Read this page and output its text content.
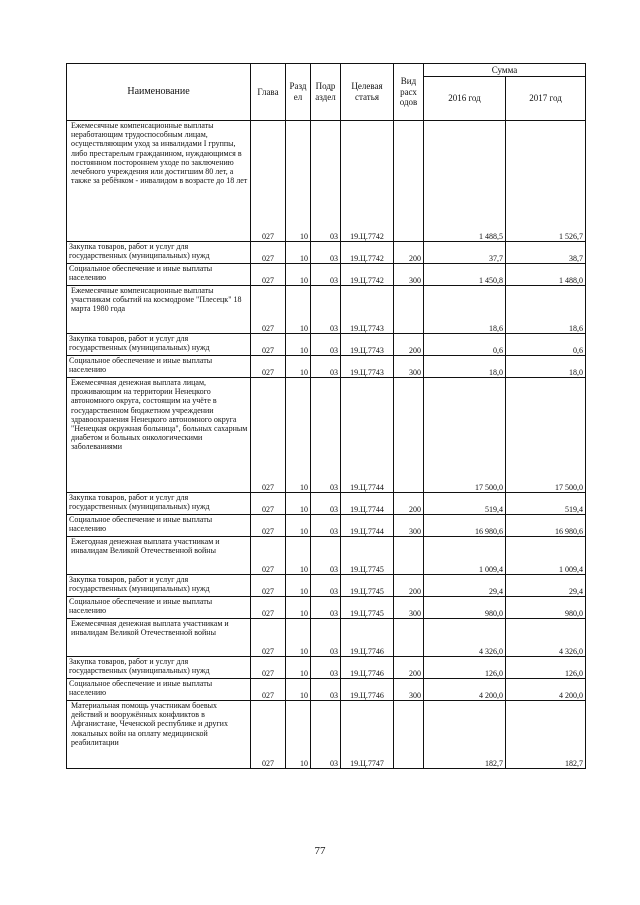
Наименование	Глава	Разд ел	Подр аздел	Целевая статья	Вид расх одов	Сумма	
						2016 год	2017 год
Ежемесячные компенсационные выплаты неработающим трудоспособным лицам, осуществляющим уход за инвалидами I группы, либо престарелым гражданином, нуждающимся в постоянном постороннем уходе по заключению лечебного учреждения или достигшим 80 лет, а также за ребёнком - инвалидом в возрасте до 18 лет	027	10	03	19.Ц.7742		1 488,5	1 526,7
Закупка товаров, работ и услуг для государственных (муниципальных) нужд	027	10	03	19.Ц.7742	200	37,7	38,7
Социальное обеспечение и иные выплаты населению	027	10	03	19.Ц.7742	300	1 450,8	1 488,0
Ежемесячные компенсационные выплаты участникам событий на космодроме "Плесецк" 18 марта 1980 года	027	10	03	19.Ц.7743		18,6	18,6
Закупка товаров, работ и услуг для государственных (муниципальных) нужд	027	10	03	19.Ц.7743	200	0,6	0,6
Социальное обеспечение и иные выплаты населению	027	10	03	19.Ц.7743	300	18,0	18,0
Ежемесячная денежная выплата лицам, проживающим на территории Ненецкого автономного округа, состоящим на учёте в государственном бюджетном учреждении здравоохранения Ненецкого автономного округа "Ненецкая окружная больница", больных сахарным диабетом и больных онкологическими заболеваниями	027	10	03	19.Ц.7744		17 500,0	17 500,0
Закупка товаров, работ и услуг для государственных (муниципальных) нужд	027	10	03	19.Ц.7744	200	519,4	519,4
Социальное обеспечение и иные выплаты населению	027	10	03	19.Ц.7744	300	16 980,6	16 980,6
Ежегодная денежная выплата участникам и инвалидам Великой Отечественной войны	027	10	03	19.Ц.7745		1 009,4	1 009,4
Закупка товаров, работ и услуг для государственных (муниципальных) нужд	027	10	03	19.Ц.7745	200	29,4	29,4
Социальное обеспечение и иные выплаты населению	027	10	03	19.Ц.7745	300	980,0	980,0
Ежемесячная денежная выплата участникам и инвалидам Великой Отечественной войны	027	10	03	19.Ц.7746		4 326,0	4 326,0
Закупка товаров, работ и услуг для государственных (муниципальных) нужд	027	10	03	19.Ц.7746	200	126,0	126,0
Социальное обеспечение и иные выплаты населению	027	10	03	19.Ц.7746	300	4 200,0	4 200,0
Материальная помощь участникам боевых действий и вооружённых конфликтов в Афганистане, Чеченской республике и других локальных войн на оплату медицинской реабилитации	027	10	03	19.Ц.7747		182,7	182,7
77
